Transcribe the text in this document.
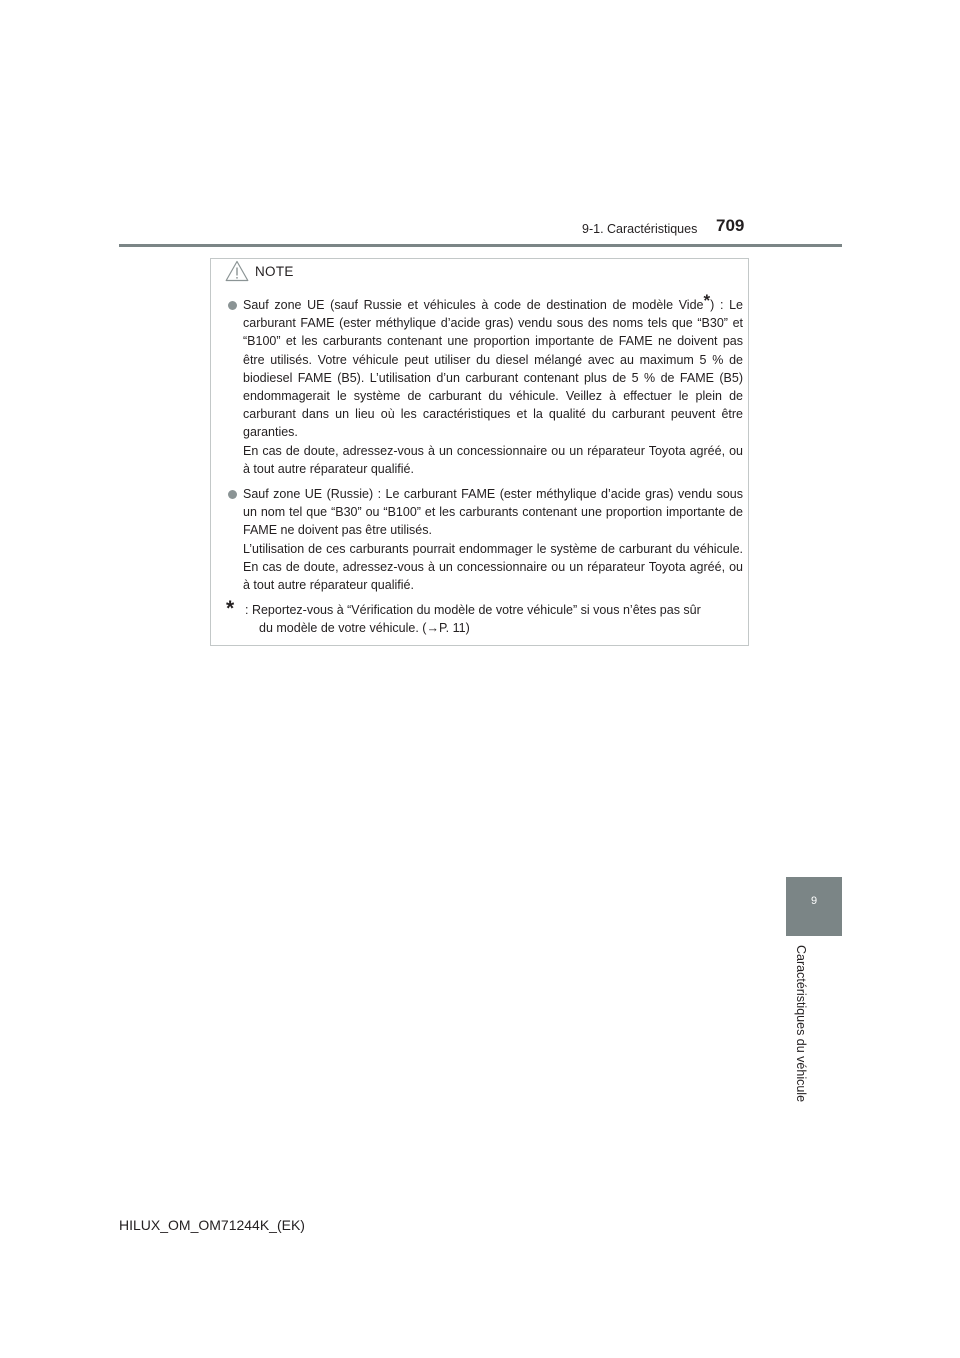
9-1. Caractéristiques 709
NOTE

Sauf zone UE (sauf Russie et véhicules à code de destination de modèle Vide*) : Le carburant FAME (ester méthylique d’acide gras) vendu sous des noms tels que “B30” et “B100” et les carburants contenant une proportion importante de FAME ne doivent pas être utilisés. Votre véhicule peut utiliser du diesel mélangé avec au maximum 5 % de biodiesel FAME (B5). L’utilisation d’un carburant contenant plus de 5 % de FAME (B5) endommagerait le système de carburant du véhicule. Veillez à effectuer le plein de carburant dans un lieu où les caractéristiques et la qualité du carburant peuvent être garanties.

En cas de doute, adressez-vous à un concessionnaire ou un réparateur Toyota agréé, ou à tout autre réparateur qualifié.

Sauf zone UE (Russie) : Le carburant FAME (ester méthylique d’acide gras) vendu sous un nom tel que “B30” ou “B100” et les carburants contenant une proportion importante de FAME ne doivent pas être utilisés.

L’utilisation de ces carburants pourrait endommager le système de carburant du véhicule. En cas de doute, adressez-vous à un concessionnaire ou un réparateur Toyota agréé, ou à tout autre réparateur qualifié.

* : Reportez-vous à “Vérification du modèle de votre véhicule” si vous n’êtes pas sûr
du modèle de votre véhicule. (→P. 11)
9
Caractéristiques du véhicule
HILUX_OM_OM71244K_(EK)
